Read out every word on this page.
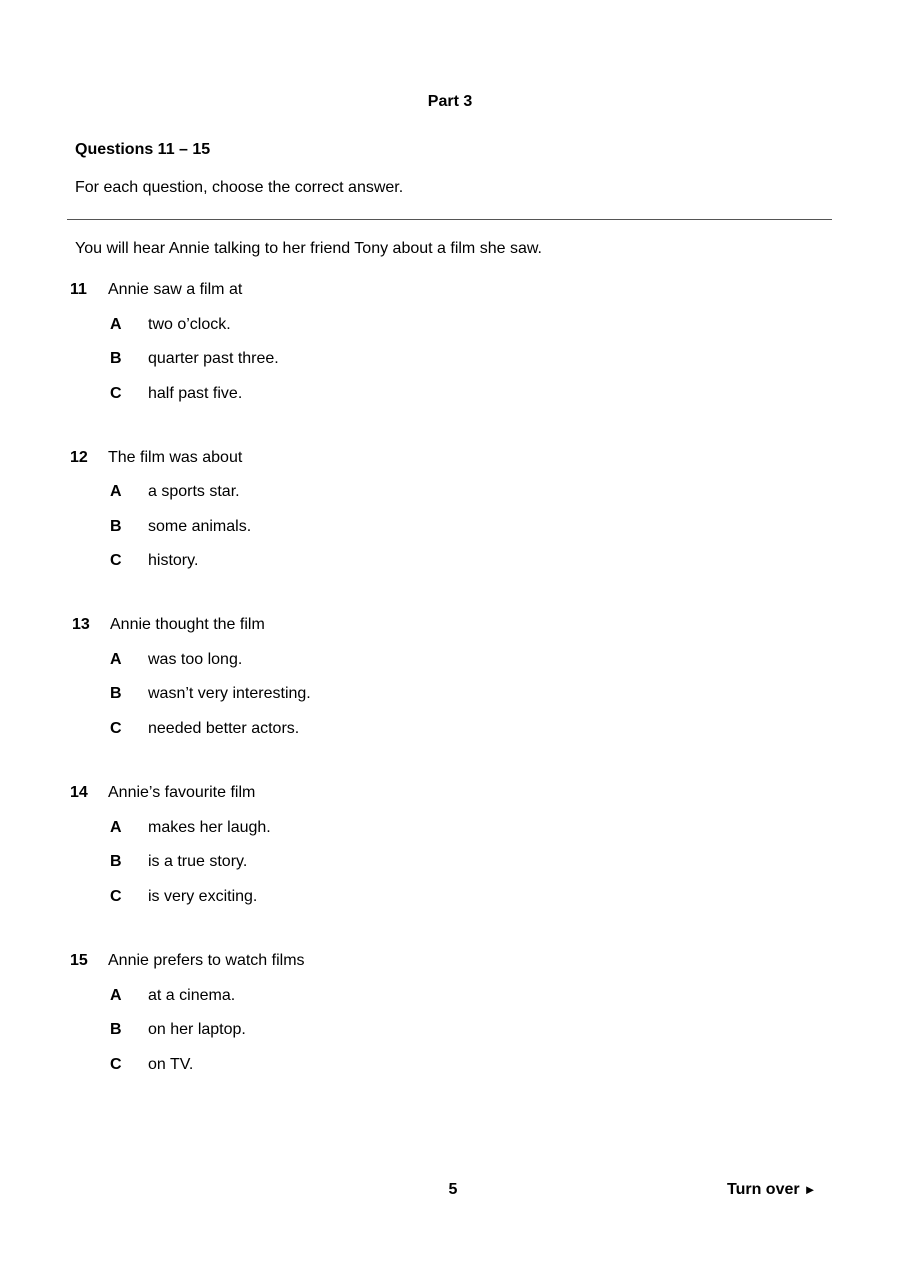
Part 3
Questions 11 – 15
For each question, choose the correct answer.
You will hear Annie talking to her friend Tony about a film she saw.
11 Annie saw a film at
A two o’clock.
B quarter past three.
C half past five.
12 The film was about
A a sports star.
B some animals.
C history.
13 Annie thought the film
A was too long.
B wasn’t very interesting.
C needed better actors.
14 Annie’s favourite film
A makes her laugh.
B is a true story.
C is very exciting.
15 Annie prefers to watch films
A at a cinema.
B on her laptop.
C on TV.
5	Turn over ►
